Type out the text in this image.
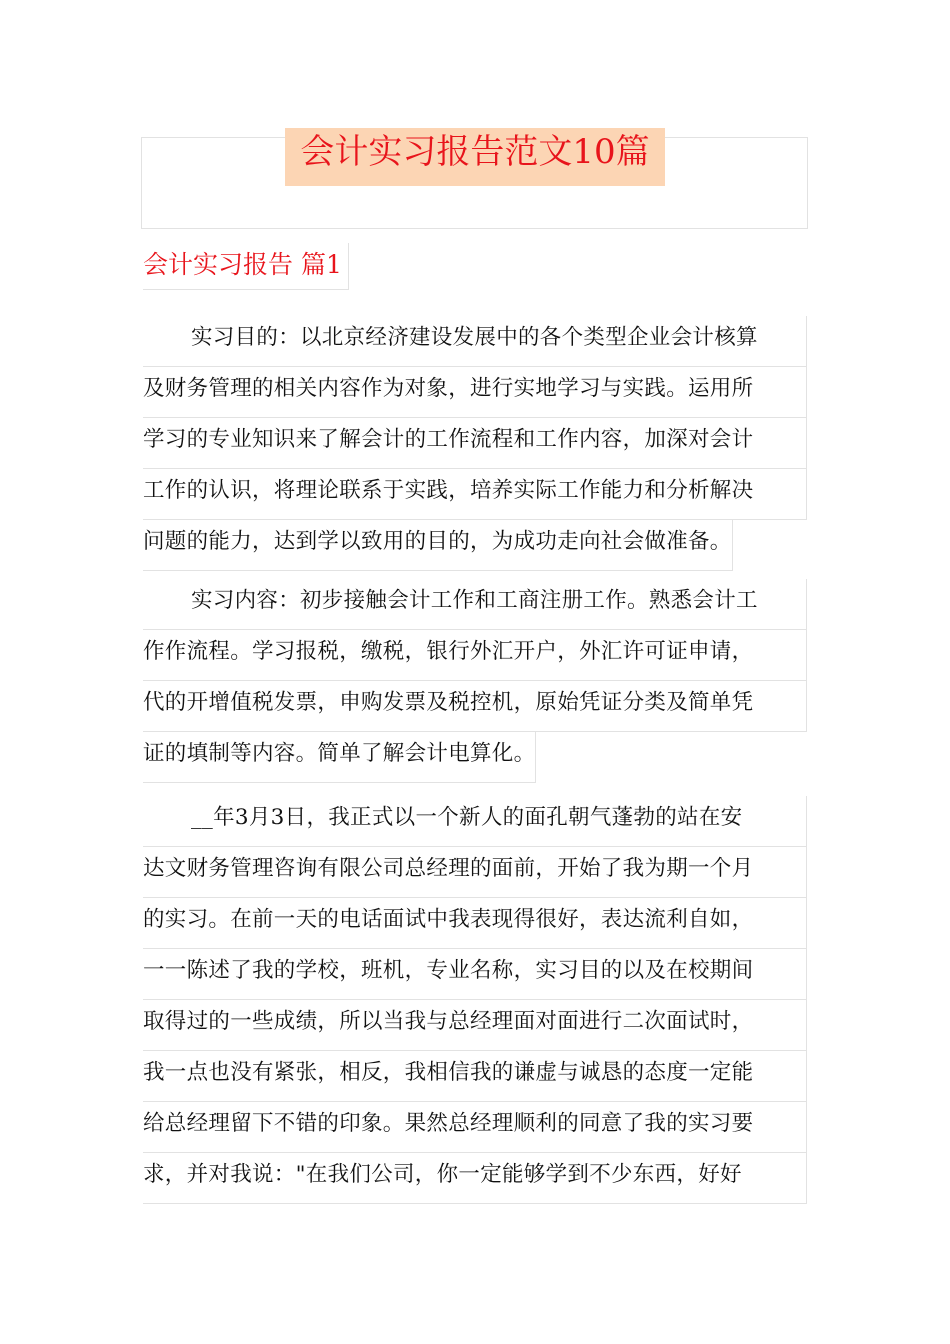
会计实习报告范文10篇
会计实习报告 篇1
实习目的：以北京经济建设发展中的各个类型企业会计核算
及财务管理的相关内容作为对象，进行实地学习与实践。运用所
学习的专业知识来了解会计的工作流程和工作内容，加深对会计
工作的认识，将理论联系于实践，培养实际工作能力和分析解决
问题的能力，达到学以致用的目的，为成功走向社会做准备。
实习内容：初步接触会计工作和工商注册工作。熟悉会计工
作作流程。学习报税，缴税，银行外汇开户，外汇许可证申请，
代的开增值税发票，申购发票及税控机，原始凭证分类及简单凭
证的填制等内容。简单了解会计电算化。
__年3月3日，我正式以一个新人的面孔朝气蓬勃的站在安
达文财务管理咨询有限公司总经理的面前，开始了我为期一个月
的实习。在前一天的电话面试中我表现得很好，表达流利自如，
一一陈述了我的学校，班机，专业名称，实习目的以及在校期间
取得过的一些成绩，所以当我与总经理面对面进行二次面试时，
我一点也没有紧张，相反，我相信我的谦虚与诚恳的态度一定能
给总经理留下不错的印象。果然总经理顺利的同意了我的实习要
求，并对我说："在我们公司，你一定能够学到不少东西，好好
